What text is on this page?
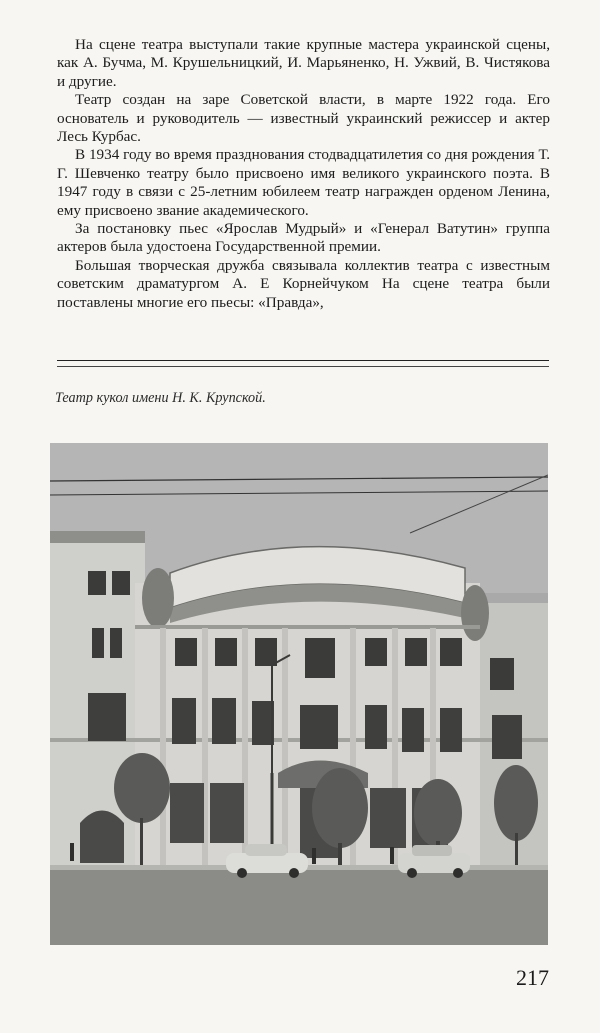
На сцене театра выступали такие крупные мастера украинской сцены, как А. Бучма, М. Крушельницкий, И. Марьяненко, Н. Ужвий, В. Чистякова и другие.

Театр создан на заре Советской власти, в марте 1922 года. Его основатель и руководитель — известный украинский режиссер и актер Лесь Курбас.

В 1934 году во время празднования стодвадцатилетия со дня рождения Т. Г. Шевченко театру было присвоено имя великого украинского поэта. В 1947 году в связи с 25-летним юбилеем театр награжден орденом Ленина, ему присвоено звание академического.

За постановку пьес «Ярослав Мудрый» и «Генерал Ватутин» группа актеров была удостоена Государственной премии.

Большая творческая дружба связывала коллектив театра с известным советским драматургом А. Е Корнейчуком На сцене театра были поставлены многие его пьесы: «Правда»,

Театр кукол имени Н. К. Крупской.
217
